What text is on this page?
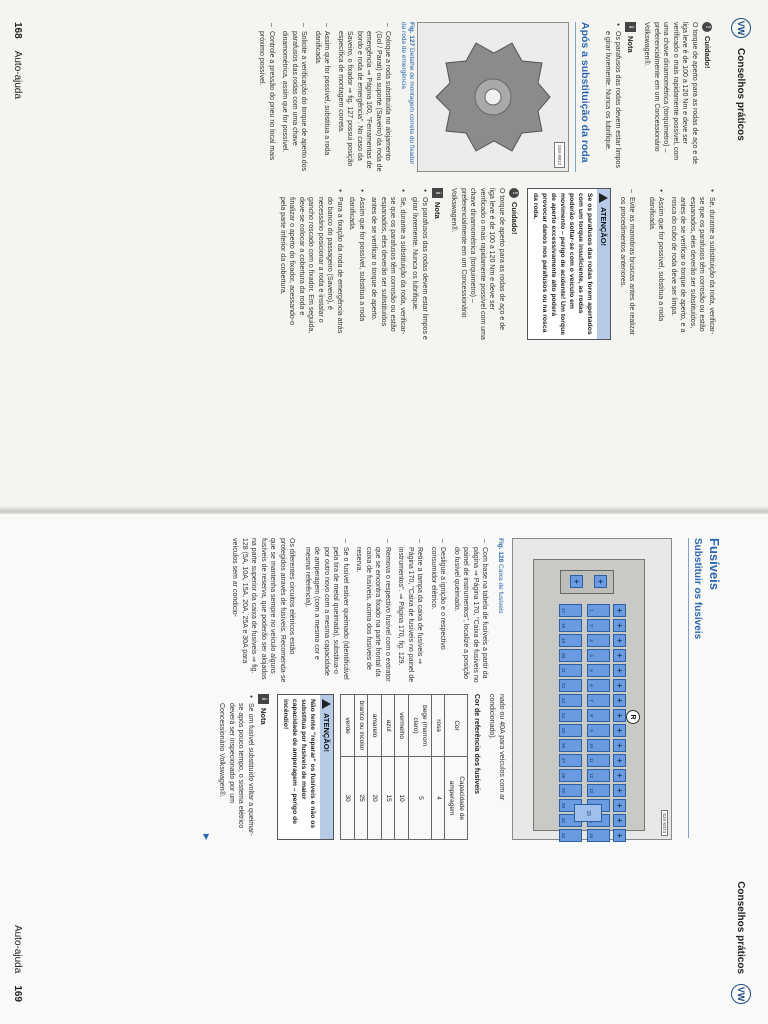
VW
Conselhos práticos
!
Cuidado!

O torque de aperto para as rodas de aço e de liga leve é de 100 a 120 Nm e deve ser verificado o mais rapidamente possível, com uma chave dinamométrica (torquímetro) – preferencialmente em um Concessionário Volkswagen®.

i
Nota
● Os parafusos das rodas devem estar limpos e girar livremente. Nunca os lubrifique.
Após a substituição da roda
S3X-0012
Fig. 127 Detalhe de montagem correta do fixador da roda de emergência
– Coloque a roda substituída no alojamento (Gol / Parati) ou suporte (Saveiro) da roda de emergência ⇒ Página 160, "Ferramentas de bordo e roda de emergência". No caso da Saveiro, o fixador ⇒ fig. 127 possui posição específica de montagem correta.
– Assim que for possível, substitua a roda danificada.
– Solicite a verificação do torque de aperto dos parafusos das rodas com uma chave dinamométrica, assim que for possível.
– Controle a pressão do pneu no local mais próximo possível.
● Se, durante a substituição da roda, verificar-se que os parafusos têm corrosão ou estão espanados, eles deverão ser substituídos, antes de se verificar o torque de aperto, e a rosca do cubo de roda deve ser limpa.
● Assim que for possível, substitua a roda danificada.
– Evite as manobras bruscas antes de realizar os procedimentos anteriores.
ATENÇÃO!
Se os parafusos das rodas forem apertados com um torque insuficiente, as rodas poderão soltar-se com o veículo em movimento – perigo de acidente! Um torque de aperto excessivamente alto poderá provocar danos nos parafusos ou na rosca da roda.
!
Cuidado!

O torque de aperto para as rodas de aço e de liga leve é de 100 a 120 Nm e deve ser verificado o mais rapidamente possível com uma chave dinamométrica (torquímetro) – preferencialmente em um Concessionário Volkswagen®.

i
Nota
● Os parafusos das rodas devem estar limpos e girar livremente. Nunca os lubrifique.
● Se, durante a substituição da roda, verificar-se que os parafusos têm corrosão ou estão espanados, eles deverão ser substituídos antes de se verificar o torque de aperto.
● Assim que for possível, substitua a roda danificada.
● Para a fixação da roda de emergência atrás do banco do passageiro (Saveiro), é necessário posicionar a roda e instalar o gancho roscado com o fixador. Em seguida, deve-se colocar a cobertura da roda e finalizar o aperto do fixador, acessando-o pela parte inferior da cobertura.
168
Auto-ajuda
VW
Conselhos práticos
Fusíveis
Substituir os fusíveis
S3X-0474
+
+
R
+
+
+
+
+
+
+
+
+
+
+
+
+
+
+
+
1
2
3
4
5
6
7
8
9
10
11
12
13
16
17
18
19
20
21
22
23
24
25
26
27
28
29
30
31
32
33
Fig. 128 Caixa de fusíveis
– Com base na tabela de fusíveis a partir da página ⇒ Página 170, "Caixa de fusíveis no painel de instrumentos", localize a posição do fusível queimado.
– Desligue a ignição e o respectivo consumidor elétrico.
– Retire a tampa da caixa de fusíveis ⇒ Página 170, "Caixa de fusíveis no painel de instrumentos". ⇒ Página 170, fig. 129.
– Remova o respectivo fusível com o extrator que se encontra fixado na parte frontal da caixa de fusíveis, acima dos fusíveis de reserva.
– Se o fusível estiver queimado (identificável pela tira de metal queimada), substitua-o por outro novo com a mesma capacidade de amperagem (com a mesma cor e mesma referência).

Os diferentes circuitos elétricos estão protegidos através de fusíveis. Recomenda-se que se mantenha sempre no veículo alguns fusíveis de reserva, que poderão ser alojados na parte superior da caixa de fusíveis ⇒ fig. 128 (5A, 10A, 15A, 20A, 25A e 30A para veículos sem ar condicio-

nado ou 40A para veículos com ar condicionado).

Cor de referência dos fusíveis
Cor	Capacidade de amperagem
rosa	4
bege (marrom claro)	5
vermelho	10
azul	15
amarelo	20
branco ou incolor	25
verde	30
ATENÇÃO!
Não tente "reparar" os fusíveis e não os substitua por fusíveis de maior capacidade de amperagem – perigo de incêndio!
i
Nota
● Se um fusível substituído voltar a queimar-se após pouco tempo, o sistema elétrico deverá ser inspecionado por um Concessionário Volkswagen®.
▶
Auto-ajuda
169
